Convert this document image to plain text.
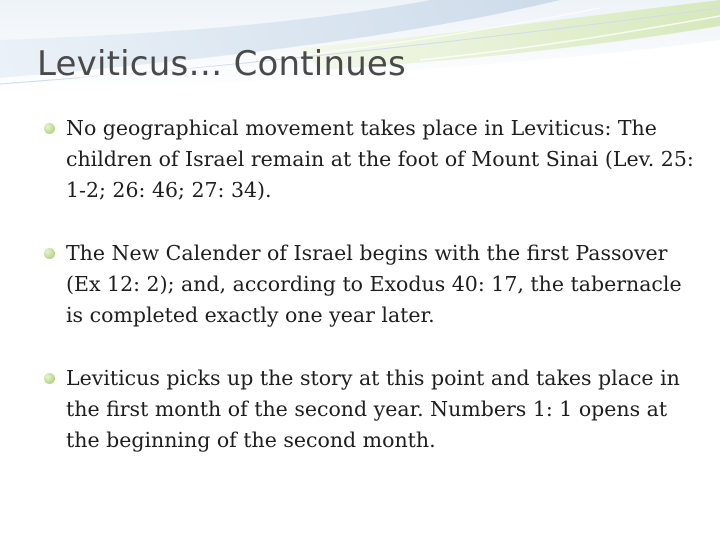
Leviticus… Continues
No geographical movement takes place in Leviticus: The children of Israel remain at the foot of Mount Sinai (Lev. 25: 1-2; 26: 46; 27: 34).
The New Calender of Israel begins with the first Passover (Ex 12: 2); and, according to Exodus 40: 17, the tabernacle is completed exactly one year later.
Leviticus picks up the story at this point and takes place in the first month of the second year. Numbers 1: 1 opens at the beginning of the second month.
